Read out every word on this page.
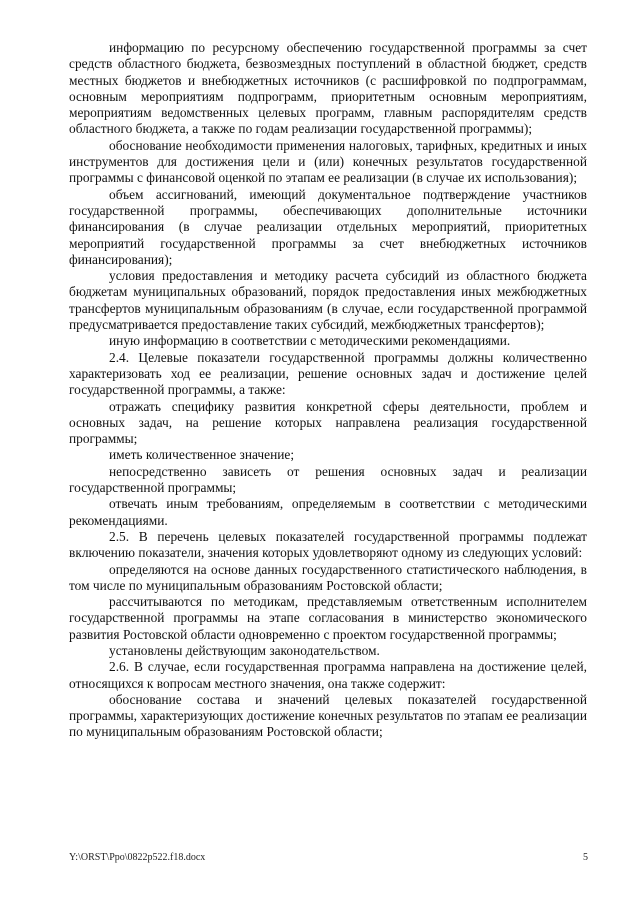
информацию по ресурсному обеспечению государственной программы за счет средств областного бюджета, безвозмездных поступлений в областной бюджет, средств местных бюджетов и внебюджетных источников (с расшифровкой по подпрограммам, основным мероприятиям подпрограмм, приоритетным основным мероприятиям, мероприятиям ведомственных целевых программ, главным распорядителям средств областного бюджета, а также по годам реализации государственной программы);

обоснование необходимости применения налоговых, тарифных, кредитных и иных инструментов для достижения цели и (или) конечных результатов государственной программы с финансовой оценкой по этапам ее реализации (в случае их использования);

объем ассигнований, имеющий документальное подтверждение участников государственной программы, обеспечивающих дополнительные источники финансирования (в случае реализации отдельных мероприятий, приоритетных мероприятий государственной программы за счет внебюджетных источников финансирования);

условия предоставления и методику расчета субсидий из областного бюджета бюджетам муниципальных образований, порядок предоставления иных межбюджетных трансфертов муниципальным образованиям (в случае, если государственной программой предусматривается предоставление таких субсидий, межбюджетных трансфертов);

иную информацию в соответствии с методическими рекомендациями.

2.4. Целевые показатели государственной программы должны количественно характеризовать ход ее реализации, решение основных задач и достижение целей государственной программы, а также:

отражать специфику развития конкретной сферы деятельности, проблем и основных задач, на решение которых направлена реализация государственной программы;

иметь количественное значение;

непосредственно зависеть от решения основных задач и реализации государственной программы;

отвечать иным требованиям, определяемым в соответствии с методическими рекомендациями.

2.5. В перечень целевых показателей государственной программы подлежат включению показатели, значения которых удовлетворяют одному из следующих условий:

определяются на основе данных государственного статистического наблюдения, в том числе по муниципальным образованиям Ростовской области;

рассчитываются по методикам, представляемым ответственным исполнителем государственной программы на этапе согласования в министерство экономического развития Ростовской области одновременно с проектом государственной программы;

установлены действующим законодательством.

2.6. В случае, если государственная программа направлена на достижение целей, относящихся к вопросам местного значения, она также содержит:

обоснование состава и значений целевых показателей государственной программы, характеризующих достижение конечных результатов по этапам ее реализации по муниципальным образованиям Ростовской области;

Y:\ORST\Ppo\0822p522.f18.docx	5
